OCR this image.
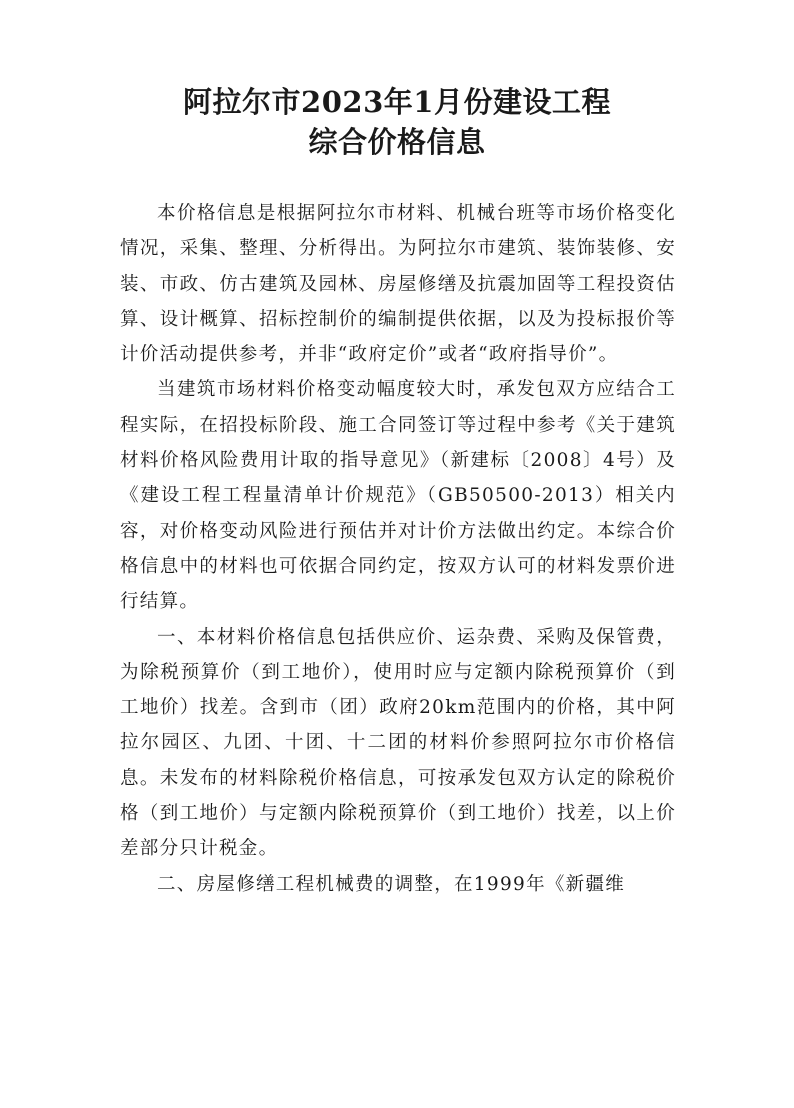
阿拉尔市2023年1月份建设工程
综合价格信息

本价格信息是根据阿拉尔市材料、机械台班等市场价格变化情况，采集、整理、分析得出。为阿拉尔市建筑、装饰装修、安装、市政、仿古建筑及园林、房屋修缮及抗震加固等工程投资估算、设计概算、招标控制价的编制提供依据，以及为投标报价等计价活动提供参考，并非“政府定价”或者“政府指导价”。

当建筑市场材料价格变动幅度较大时，承发包双方应结合工程实际，在招投标阶段、施工合同签订等过程中参考《关于建筑材料价格风险费用计取的指导意见》（新建标〔2008〕4号）及《建设工程工程量清单计价规范》（GB50500-2013）相关内容，对价格变动风险进行预估并对计价方法做出约定。本综合价格信息中的材料也可依据合同约定，按双方认可的材料发票价进行结算。

一、本材料价格信息包括供应价、运杂费、采购及保管费，为除税预算价（到工地价），使用时应与定额内除税预算价（到工地价）找差。含到市（团）政府20km范围内的价格，其中阿拉尔园区、九团、十团、十二团的材料价参照阿拉尔市价格信息。未发布的材料除税价格信息，可按承发包双方认定的除税价格（到工地价）与定额内除税预算价（到工地价）找差，以上价差部分只计税金。

二、房屋修缮工程机械费的调整，在1999年《新疆维
